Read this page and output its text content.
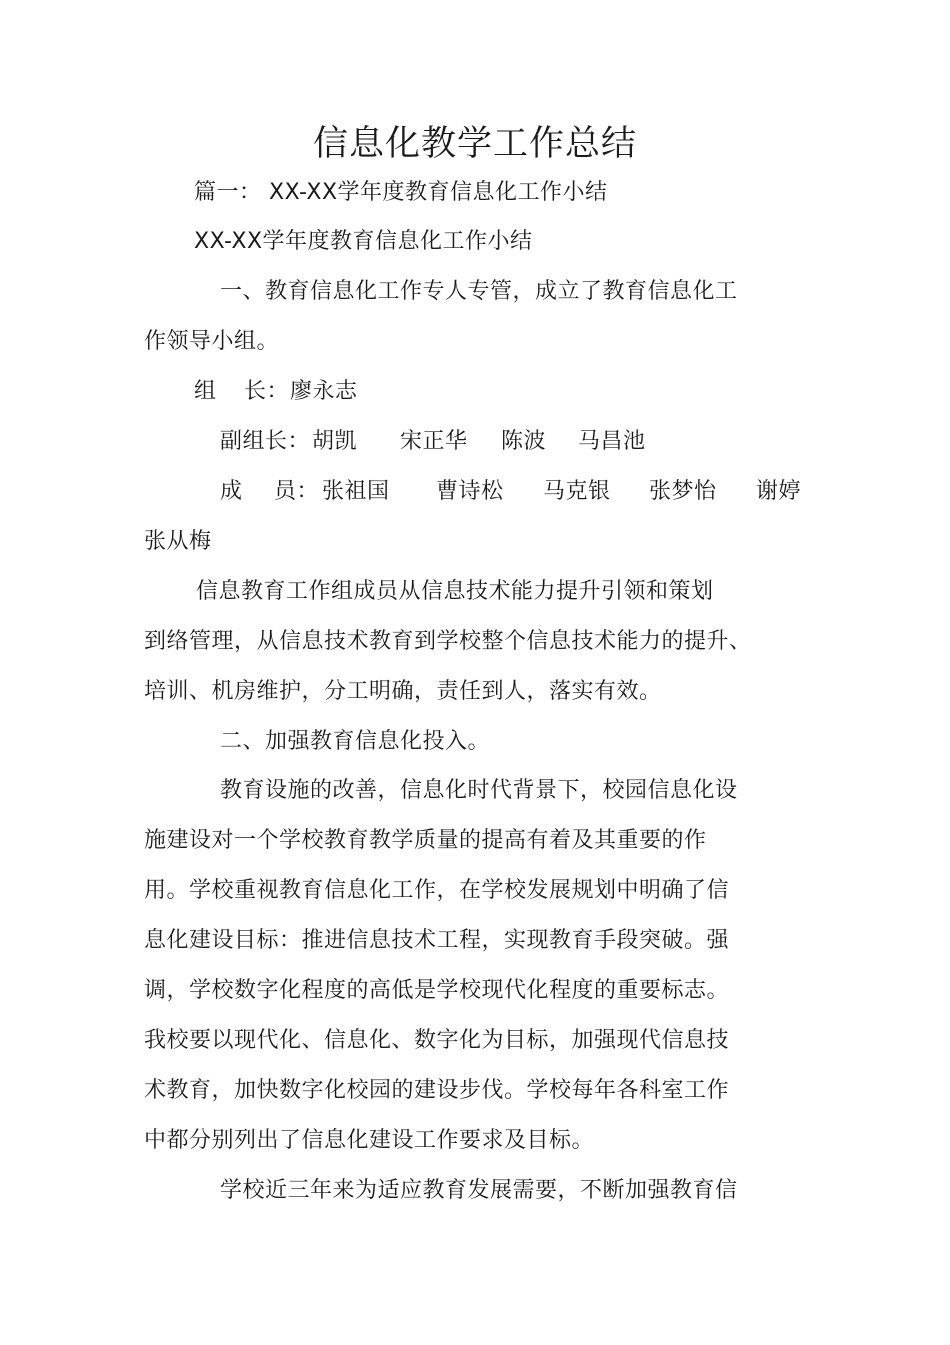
信息化教学工作总结
篇一： XX-XX学年度教育信息化工作小结
XX-XX学年度教育信息化工作小结
一、教育信息化工作专人专管，成立了教育信息化工
作领导小组。
组 长： 廖永志
副组长： 胡凯 宋正华 陈波 马昌池
成 员： 张祖国 曹诗松 马克银 张梦怡 谢婷
张从梅
信息教育工作组成员从信息技术能力提升引领和策划
到络管理，从信息技术教育到学校整个信息技术能力的提升、
培训、机房维护，分工明确，责任到人，落实有效。
二、加强教育信息化投入。
教育设施的改善，信息化时代背景下，校园信息化设
施建设对一个学校教育教学质量的提高有着及其重要的作
用。学校重视教育信息化工作，在学校发展规划中明确了信
息化建设目标：推进信息技术工程，实现教育手段突破。强
调，学校数字化程度的高低是学校现代化程度的重要标志。
我校要以现代化、信息化、数字化为目标，加强现代信息技
术教育，加快数字化校园的建设步伐。学校每年各科室工作
中都分别列出了信息化建设工作要求及目标。
学校近三年来为适应教育发展需要，不断加强教育信
